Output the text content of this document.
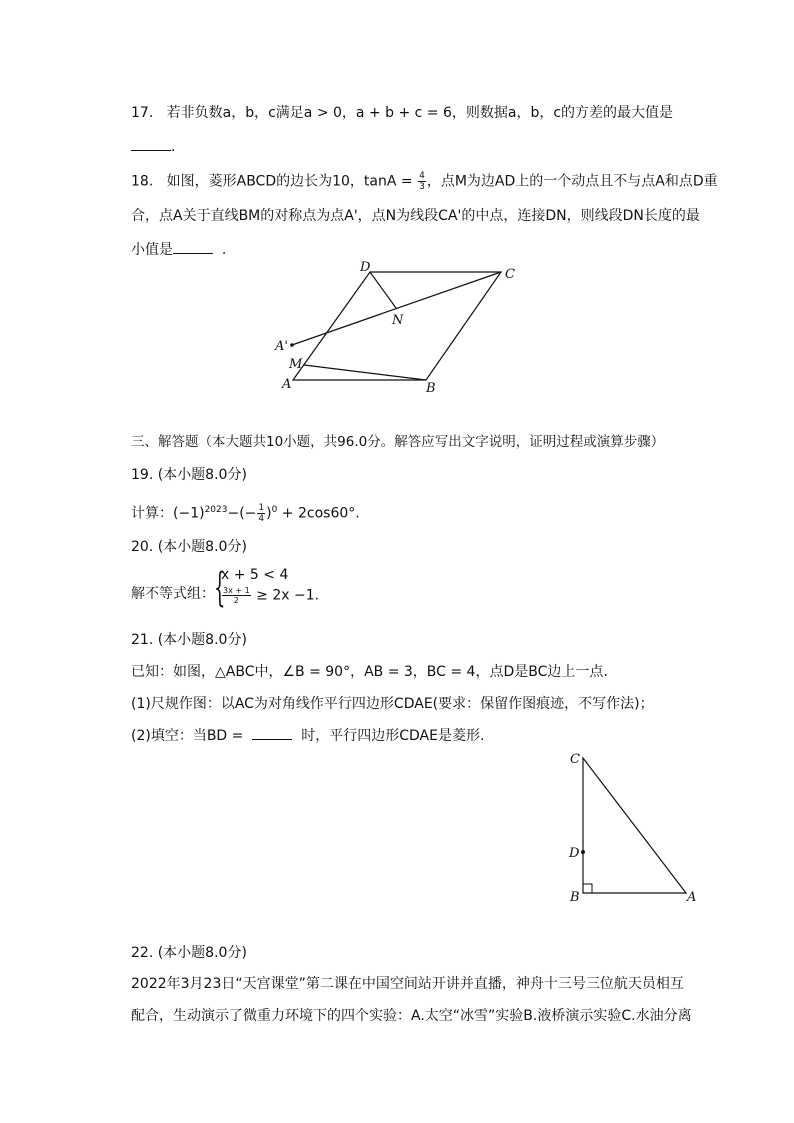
17. 若非负数a，b，c满足a > 0，a + b + c = 6，则数据a，b，c的方差的最大值是
.
18. 如图，菱形ABCD的边长为10，$\tan A = \frac{4}{3}$ ，点M为边AD上的一个动点且不与点A和点D重
合，点A关于直线BM的对称点为点A'，点N为线段CA'的中点，连接DN，则线段DN长度的最
小值是	.
D	C
N
A'
M
A	B
三、解答题（本大题共10小题，共96.0分。解答应写出文字说明，证明过程或演算步骤）
19. (本小题8.0分)
计算：$(-1)^{2023}-(- \frac{1}{4} )^0 + 2\cos 60^\circ$.
20. (本小题8.0分)
解不等式组： {
x + 5 < 4
$\frac{3x + 1}{2} \ge 2x -1$.
21. (本小题8.0分)
已知：如图，△ABC中，∠B = 90°，AB = 3，BC = 4，点D是BC边上一点.
(1)尺规作图：以AC为对角线作平行四边形CDAE(要求：保留作图痕迹，不写作法)；
(2)填空：当BD =	时，平行四边形CDAE是菱形.
C
D
B	A
22. (本小题8.0分)
2022年3月23日“天宫课堂”第二课在中国空间站开讲并直播，神舟十三号三位航天员相互
配合，生动演示了微重力环境下的四个实验：A.太空“冰雪”实验B.液桥演示实验C.水油分离
